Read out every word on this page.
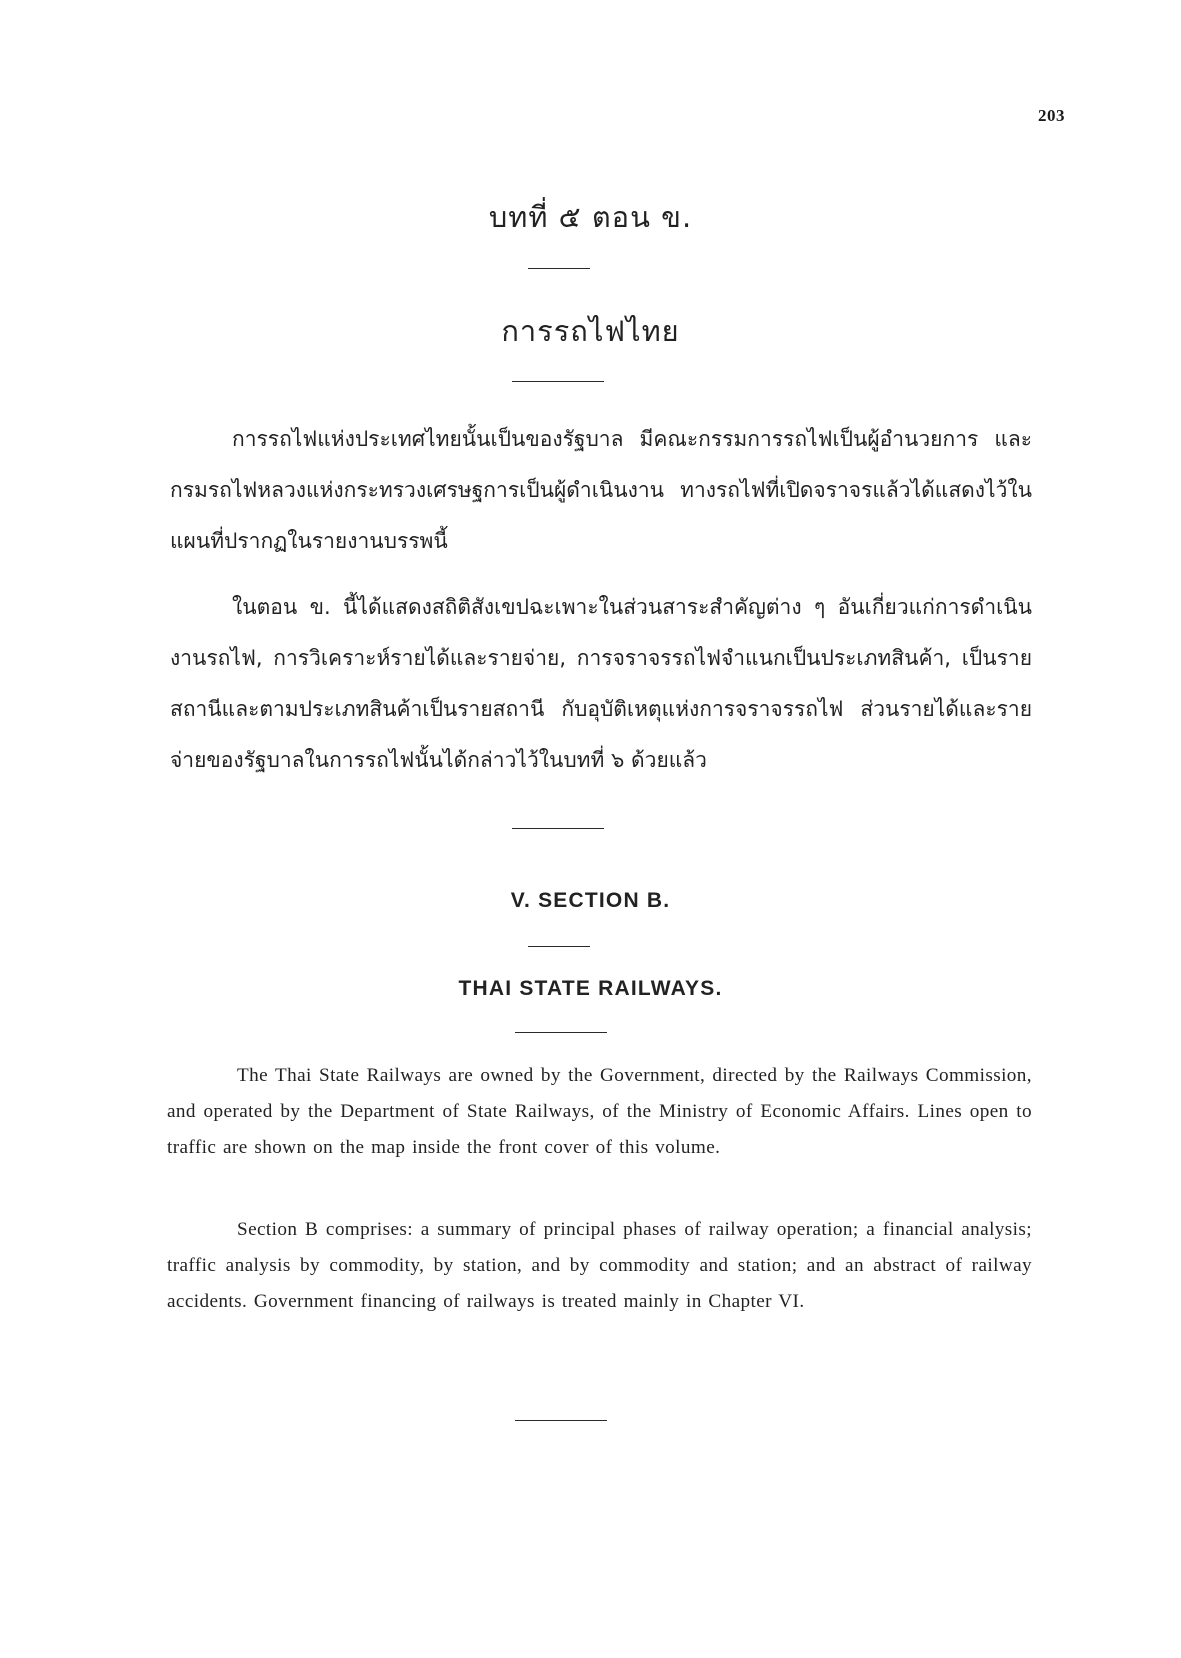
203
บทที่ ๕ ตอน ข.
การรถไฟไทย

การรถไฟแห่งประเทศไทยนั้นเป็นของรัฐบาล มีคณะกรรมการรถไฟเป็นผู้อำนวยการ และกรมรถไฟหลวงแห่งกระทรวงเศรษฐการเป็นผู้ดำเนินงาน ทางรถไฟที่เปิดจราจรแล้วได้แสดงไว้ในแผนที่ปรากฏในรายงานบรรพนี้

ในตอน ข. นี้ได้แสดงสถิติสังเขปฉะเพาะในส่วนสาระสำคัญต่าง ๆ อันเกี่ยวแก่การดำเนินงานรถไฟ, การวิเคราะห์รายได้และรายจ่าย, การจราจรรถไฟจำแนกเป็นประเภทสินค้า, เป็นรายสถานีและตามประเภทสินค้าเป็นรายสถานี กับอุบัติเหตุแห่งการจราจรรถไฟ ส่วนรายได้และรายจ่ายของรัฐบาลในการรถไฟนั้นได้กล่าวไว้ในบทที่ ๖ ด้วยแล้ว

V. SECTION B.
THAI STATE RAILWAYS.

The Thai State Railways are owned by the Government, directed by the Railways Commission, and operated by the Department of State Railways, of the Ministry of Economic Affairs. Lines open to traffic are shown on the map inside the front cover of this volume.

Section B comprises: a summary of principal phases of railway operation; a financial analysis; traffic analysis by commodity, by station, and by commodity and station; and an abstract of railway accidents. Government financing of railways is treated mainly in Chapter VI.
